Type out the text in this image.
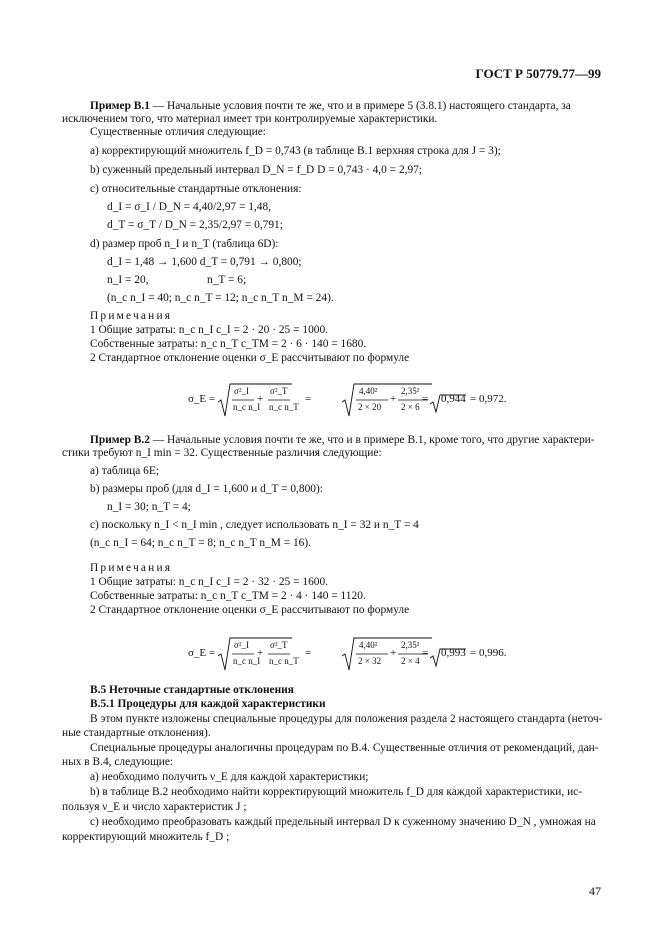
ГОСТ Р 50779.77—99
Пример В.1 — Начальные условия почти те же, что и в примере 5 (3.8.1) настоящего стандарта, за
исключением того, что материал имеет три контролируемые характеристики.
Существенные отличия следующие:
а) корректирующий множитель f_D = 0,743 (в таблице В.1 верхняя строка для J = 3);
b) суженный предельный интервал D_N = f_D D = 0,743 · 4,0 = 2,97;
с) относительные стандартные отклонения:
d_I = σ_I / D_N = 4,40/2,97 = 1,48,
d_T = σ_T / D_N = 2,35/2,97 = 0,791;
d) размер проб n_I и n_T (таблица 6D):
d_I = 1,48 → 1,600 d_T = 0,791 → 0,800;
n_I = 20,	n_T = 6;
(n_c n_I = 40; n_c n_T = 12; n_c n_T n_M = 24).
Примечания
1 Общие затраты: n_c n_I c_I = 2 · 20 · 25 = 1000.
Собственные затраты: n_c n_T c_TM = 2 · 6 · 140 = 1680.
2 Стандартное отклонение оценки σ_E рассчитывают по формуле
σ_E =
σ²_I
n_c n_I
+
σ²_T
n_c n_T
=
4,40²
2 × 20
+
2,35²
2 × 6
= 0,944 = 0,972.
Пример В.2 — Начальные условия почти те же, что и в примере В.1, кроме того, что другие характери-
стики требуют n_I min = 32. Существенные различия следующие:
а) таблица 6Е;
b) размеры проб (для d_I = 1,600 и d_T = 0,800):
n_I = 30; n_T = 4;
с) поскольку n_I < n_I min , следует использовать n_I = 32 и n_T = 4
(n_c n_I = 64; n_c n_T = 8; n_c n_T n_M = 16).
Примечания
1 Общие затраты: n_c n_I c_I = 2 · 32 · 25 = 1600.
Собственные затраты: n_c n_T c_TM = 2 · 4 · 140 = 1120.
2 Стандартное отклонение оценки σ_E рассчитывают по формуле
σ_E =
σ²_I
n_c n_I
+
σ²_T
n_c n_T
=
4,40²
2 × 32
+
2,35²
2 × 4
= 0,993 = 0,996.
В.5 Неточные стандартные отклонения
В.5.1 Процедуры для каждой характеристики
В этом пункте изложены специальные процедуры для положения раздела 2 настоящего стандарта (неточ-
ные стандартные отклонения).
Специальные процедуры аналогичны процедурам по В.4. Существенные отличия от рекомендаций, дан-
ных в В.4, следующие:
а) необходимо получить ν_E для каждой характеристики;
b) в таблице В.2 необходимо найти корректирующий множитель f_D для каждой характеристики, ис-
пользуя ν_E и число характеристик J ;
с) необходимо преобразовать каждый предельный интервал D к суженному значению D_N , умножая на
корректирующий множитель f_D ;
47
